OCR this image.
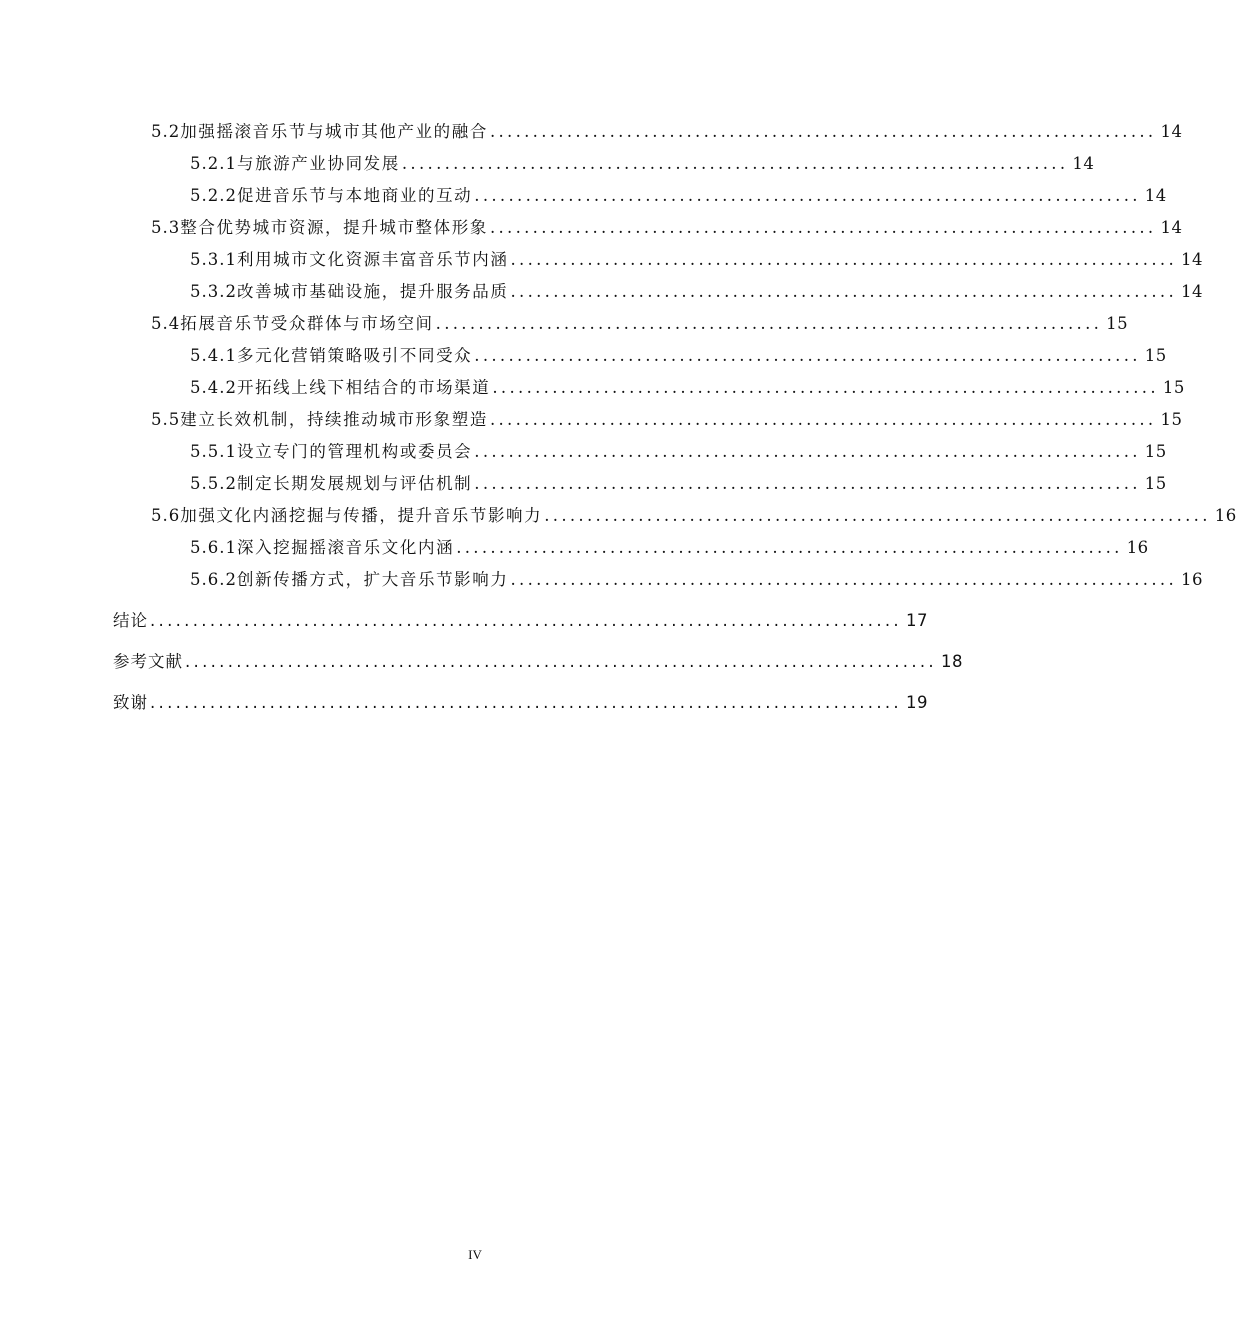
5.2 加强摇滚音乐节与城市其他产业的融合 .............................................................................. 14
5.2.1 与旅游产业协同发展 .............................................................................. 14
5.2.2 促进音乐节与本地商业的互动 .............................................................................. 14
5.3 整合优势城市资源，提升城市整体形象 .............................................................................. 14
5.3.1 利用城市文化资源丰富音乐节内涵 .............................................................................. 14
5.3.2 改善城市基础设施，提升服务品质 .............................................................................. 14
5.4 拓展音乐节受众群体与市场空间 .............................................................................. 15
5.4.1 多元化营销策略吸引不同受众 .............................................................................. 15
5.4.2 开拓线上线下相结合的市场渠道 .............................................................................. 15
5.5 建立长效机制，持续推动城市形象塑造 .............................................................................. 15
5.5.1 设立专门的管理机构或委员会 .............................................................................. 15
5.5.2 制定长期发展规划与评估机制 .............................................................................. 15
5.6 加强文化内涵挖掘与传播，提升音乐节影响力 .............................................................................. 16
5.6.1 深入挖掘摇滚音乐文化内涵 .............................................................................. 16
5.6.2 创新传播方式，扩大音乐节影响力 .............................................................................. 16
结论 ........................................................................................ 17
参考文献 ........................................................................................ 18
致谢 ........................................................................................ 19
IV
